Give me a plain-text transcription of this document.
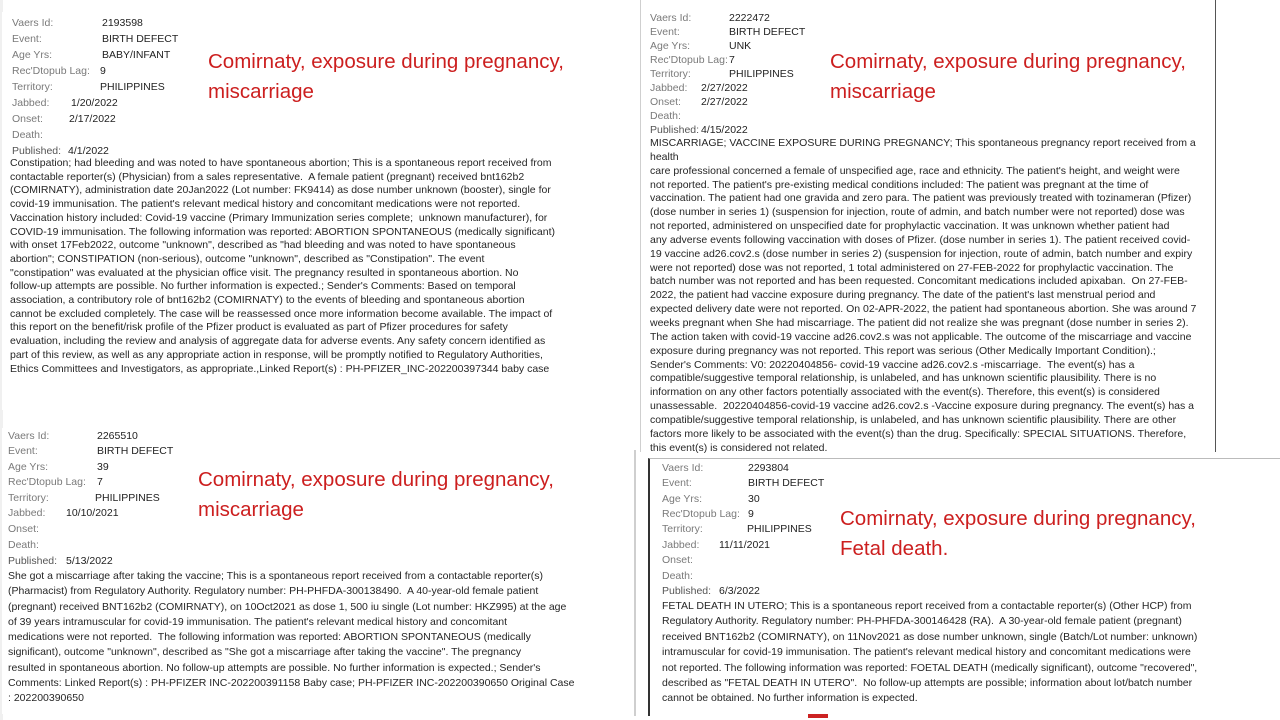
Vaers Id:	2193598
Event:	BIRTH DEFECT
Age Yrs:	BABY/INFANT
Rec'Dtopub Lag: 9
Territory:	PHILIPPINES
Jabbed: 1/20/2022
Onset: 2/17/2022
Death:
Published: 4/1/2022
Comirnaty, exposure during pregnancy,
miscarriage
Constipation; had bleeding and was noted to have spontaneous abortion; This is a spontaneous report received from
contactable reporter(s) (Physician) from a sales representative.  A female patient (pregnant) received bnt162b2
(COMIRNATY), administration date 20Jan2022 (Lot number: FK9414) as dose number unknown (booster), single for
covid-19 immunisation. The patient's relevant medical history and concomitant medications were not reported.
Vaccination history included: Covid-19 vaccine (Primary Immunization series complete;  unknown manufacturer), for
COVID-19 immunisation. The following information was reported: ABORTION SPONTANEOUS (medically significant)
with onset 17Feb2022, outcome "unknown", described as "had bleeding and was noted to have spontaneous
abortion"; CONSTIPATION (non-serious), outcome "unknown", described as "Constipation". The event
"constipation" was evaluated at the physician office visit. The pregnancy resulted in spontaneous abortion. No
follow-up attempts are possible. No further information is expected.; Sender's Comments: Based on temporal
association, a contributory role of bnt162b2 (COMIRNATY) to the events of bleeding and spontaneous abortion
cannot be excluded completely. The case will be reassessed once more information become available. The impact of
this report on the benefit/risk profile of the Pfizer product is evaluated as part of Pfizer procedures for safety
evaluation, including the review and analysis of aggregate data for adverse events. Any safety concern identified as
part of this review, as well as any appropriate action in response, will be promptly notified to Regulatory Authorities,
Ethics Committees and Investigators, as appropriate.,Linked Report(s) : PH-PFIZER_INC-202200397344 baby case
Vaers Id:	2222472
Event:	BIRTH DEFECT
Age Yrs:	UNK
Rec'Dtopub Lag: 7
Territory:	PHILIPPINES
Jabbed: 2/27/2022
Onset: 2/27/2022
Death:
Published: 4/15/2022
Comirnaty, exposure during pregnancy,
miscarriage
MISCARRIAGE; VACCINE EXPOSURE DURING PREGNANCY; This spontaneous pregnancy report received from a health
care professional concerned a female of unspecified age, race and ethnicity. The patient's height, and weight were
not reported. The patient's pre-existing medical conditions included: The patient was pregnant at the time of
vaccination. The patient had one gravida and zero para. The patient was previously treated with tozinameran (Pfizer)
(dose number in series 1) (suspension for injection, route of admin, and batch number were not reported) dose was
not reported, administered on unspecified date for prophylactic vaccination. It was unknown whether patient had
any adverse events following vaccination with doses of Pfizer. (dose number in series 1). The patient received covid-
19 vaccine ad26.cov2.s (dose number in series 2) (suspension for injection, route of admin, batch number and expiry
were not reported) dose was not reported, 1 total administered on 27-FEB-2022 for prophylactic vaccination. The
batch number was not reported and has been requested. Concomitant medications included apixaban.  On 27-FEB-
2022, the patient had vaccine exposure during pregnancy. The date of the patient's last menstrual period and
expected delivery date were not reported. On 02-APR-2022, the patient had spontaneous abortion. She was around 7
weeks pregnant when She had miscarriage. The patient did not realize she was pregnant (dose number in series 2).
The action taken with covid-19 vaccine ad26.cov2.s was not applicable. The outcome of the miscarriage and vaccine
exposure during pregnancy was not reported. This report was serious (Other Medically Important Condition).;
Sender's Comments: V0: 20220404856- covid-19 vaccine ad26.cov2.s -miscarriage.  The event(s) has a
compatible/suggestive temporal relationship, is unlabeled, and has unknown scientific plausibility. There is no
information on any other factors potentially associated with the event(s). Therefore, this event(s) is considered
unassessable.  20220404856-covid-19 vaccine ad26.cov2.s -Vaccine exposure during pregnancy. The event(s) has a
compatible/suggestive temporal relationship, is unlabeled, and has unknown scientific plausibility. There are other
factors more likely to be associated with the event(s) than the drug. Specifically: SPECIAL SITUATIONS. Therefore,
this event(s) is considered not related.
Vaers Id:	2265510
Event:	BIRTH DEFECT
Age Yrs:	39
Rec'Dtopub Lag: 7
Territory:	PHILIPPINES
Jabbed: 10/10/2021
Onset:
Death:
Published: 5/13/2022
Comirnaty, exposure during pregnancy,
miscarriage
She got a miscarriage after taking the vaccine; This is a spontaneous report received from a contactable reporter(s)
(Pharmacist) from Regulatory Authority. Regulatory number: PH-PHFDA-300138490.  A 40-year-old female patient
(pregnant) received BNT162b2 (COMIRNATY), on 10Oct2021 as dose 1, 500 iu single (Lot number: HKZ995) at the age
of 39 years intramuscular for covid-19 immunisation. The patient's relevant medical history and concomitant
medications were not reported.  The following information was reported: ABORTION SPONTANEOUS (medically
significant), outcome "unknown", described as "She got a miscarriage after taking the vaccine". The pregnancy
resulted in spontaneous abortion. No follow-up attempts are possible. No further information is expected.; Sender's
Comments: Linked Report(s) : PH-PFIZER INC-202200391158 Baby case; PH-PFIZER INC-202200390650 Original Case
: 202200390650
Vaers Id:	2293804
Event:	BIRTH DEFECT
Age Yrs:	30
Rec'Dtopub Lag: 9
Territory:	PHILIPPINES
Jabbed: 11/11/2021
Onset:
Death:
Published: 6/3/2022
Comirnaty, exposure during pregnancy,
Fetal death.
FETAL DEATH IN UTERO; This is a spontaneous report received from a contactable reporter(s) (Other HCP) from
Regulatory Authority. Regulatory number: PH-PHFDA-300146428 (RA).  A 30-year-old female patient (pregnant)
received BNT162b2 (COMIRNATY), on 11Nov2021 as dose number unknown, single (Batch/Lot number: unknown)
intramuscular for covid-19 immunisation. The patient's relevant medical history and concomitant medications were
not reported. The following information was reported: FOETAL DEATH (medically significant), outcome "recovered",
described as "FETAL DEATH IN UTERO".  No follow-up attempts are possible; information about lot/batch number
cannot be obtained. No further information is expected.
